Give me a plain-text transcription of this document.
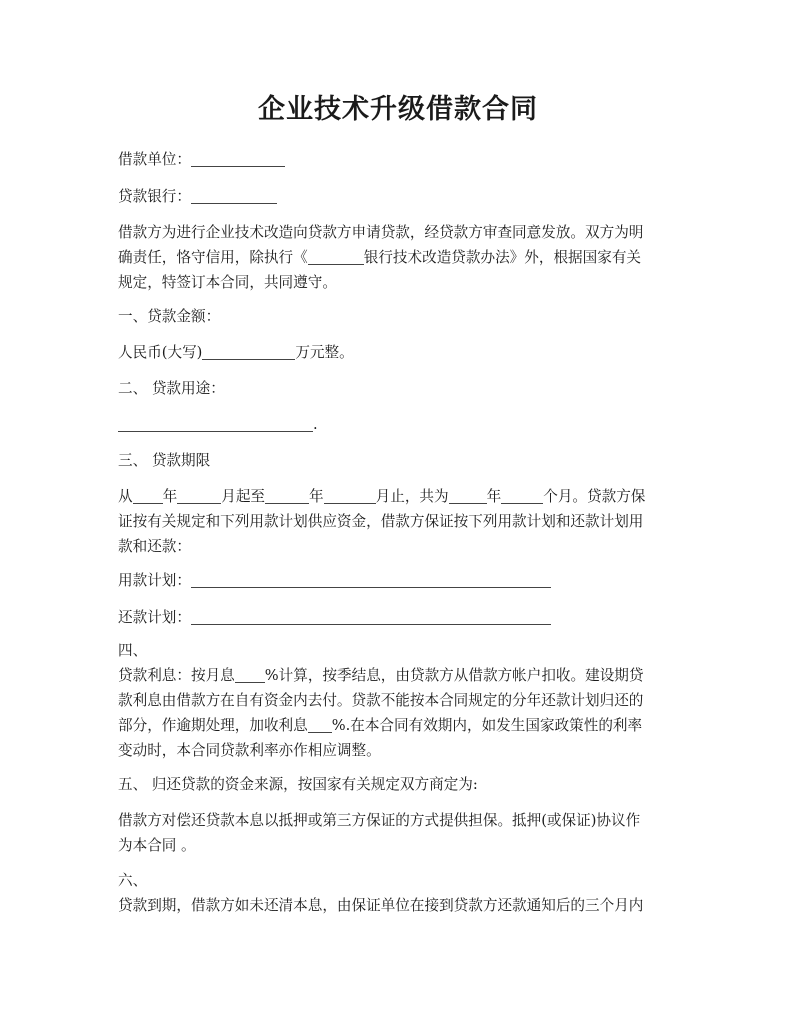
企业技术升级借款合同
借款单位：
贷款银行：
借款方为进行企业技术改造向贷款方申请贷款，经贷款方审查同意发放。双方为明
确责任，恪守信用，除执行《	银行技术改造贷款办法》外，根据国家有关
规定，特签订本合同，共同遵守。
一、贷款金额：
人民币(大写)	万元整。
二、 贷款用途：
.
三、 贷款期限
从 年	月起至	年	月止，共为	年	个月。贷款方保
证按有关规定和下列用款计划供应资金，借款方保证按下列用款计划和还款计划用
款和还款：
用款计划：
还款计划：
四、
贷款利息：按月息 %计算，按季结息，由贷款方从借款方帐户扣收。建设期贷
款利息由借款方在自有资金内去付。贷款不能按本合同规定的分年还款计划归还的
部分，作逾期处理，加收利息 %.在本合同有效期内，如发生国家政策性的利率
变动时，本合同贷款利率亦作相应调整。
五、 归还贷款的资金来源，按国家有关规定双方商定为:
借款方对偿还贷款本息以抵押或第三方保证的方式提供担保。抵押(或保证)协议作
为本合同 。
六、
贷款到期，借款方如未还清本息，由保证单位在接到贷款方还款通知后的三个月内
